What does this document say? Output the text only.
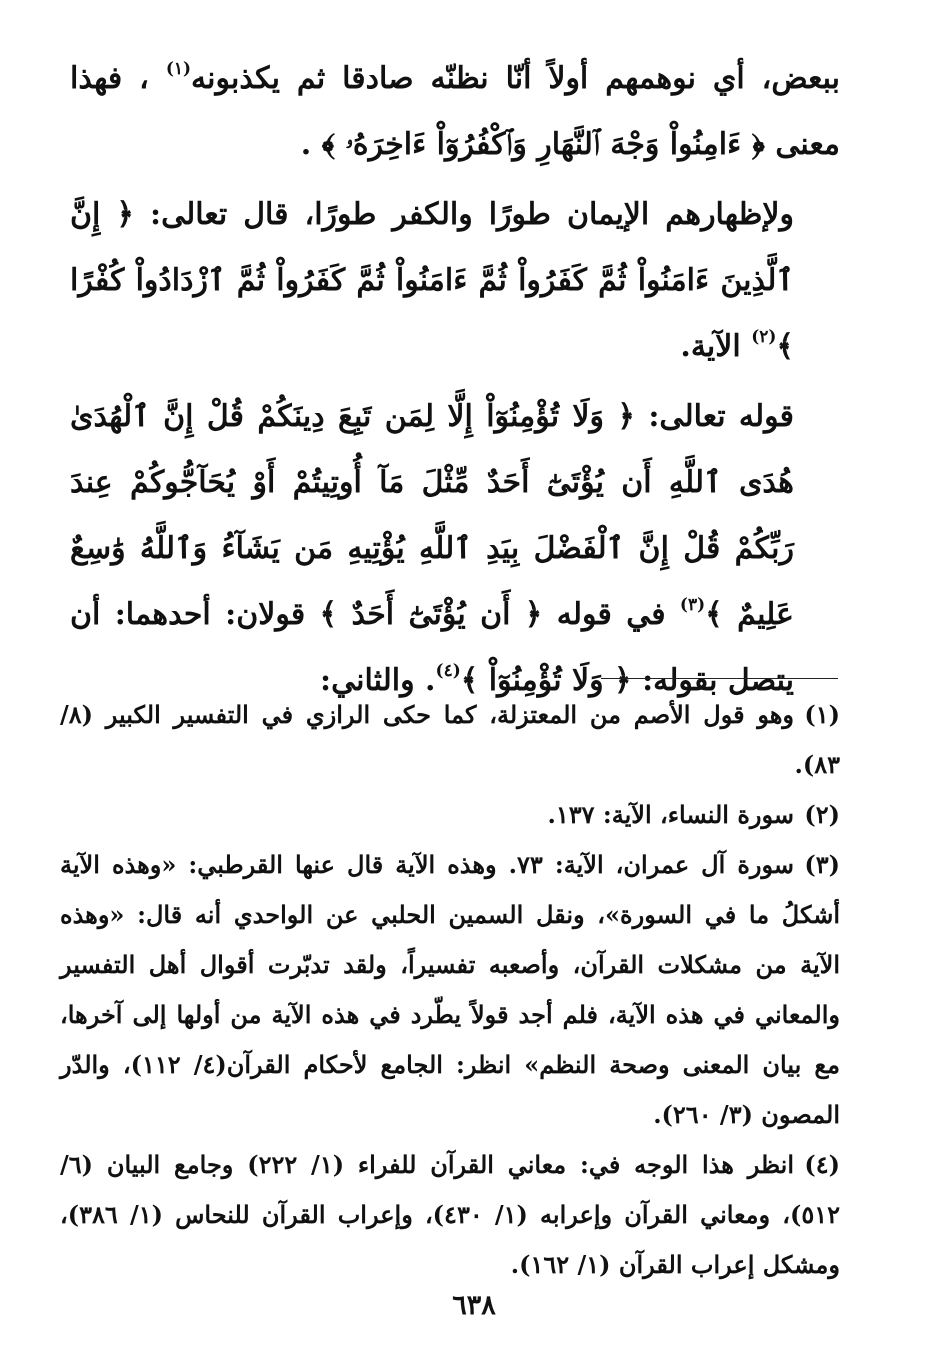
ببعض، أي نوهمهم أولاً أنّا نظنّه صادقا ثم يكذبونه$^{(١)}$ ، فهذا معنى ﴿ ءَامِنُواْ وَجْهَ ٱلنَّهَارِ وَٱكْفُرُوٓاْ ءَاخِرَهُۥ ﴾ .

ولإظهارهم الإيمان طورًا والكفر طورًا، قال تعالى: ﴿ إِنَّ ٱلَّذِينَ ءَامَنُواْ ثُمَّ كَفَرُواْ ثُمَّ ءَامَنُواْ ثُمَّ كَفَرُواْ ثُمَّ ٱزْدَادُواْ كُفْرًا ﴾$^{(٢)}$ الآية.

قوله تعالى: ﴿ وَلَا تُؤْمِنُوٓاْ إِلَّا لِمَن تَبِعَ دِينَكُمْ قُلْ إِنَّ ٱلْهُدَىٰ هُدَى ٱللَّهِ أَن يُؤْتَىٰٓ أَحَدٌ مِّثْلَ مَآ أُوتِيتُمْ أَوْ يُحَآجُّوكُمْ عِندَ رَبِّكُمْ قُلْ إِنَّ ٱلْفَضْلَ بِيَدِ ٱللَّهِ يُؤْتِيهِ مَن يَشَآءُ وَٱللَّهُ وَٰسِعٌ عَلِيمٌ ﴾$^{(٣)}$ في قوله ﴿ أَن يُؤْتَىٰٓ أَحَدٌ ﴾ قولان: أحدهما: أن يتصل بقوله: ﴿ وَلَا تُؤْمِنُوٓاْ ﴾$^{(٤)}$. والثاني:

(١)وهو قول الأصم من المعتزلة، كما حكى الرازي في التفسير الكبير (٨/ ٨٣).

(٢)سورة النساء، الآية: ١٣٧.

(٣)سورة آل عمران، الآية: ٧٣. وهذه الآية قال عنها القرطبي: «وهذه الآية أشكلُ ما في السورة»، ونقل السمين الحلبي عن الواحدي أنه قال: «وهذه الآية من مشكلات القرآن، وأصعبه تفسيراً، ولقد تدبّرت أقوال أهل التفسير والمعاني في هذه الآية، فلم أجد قولاً يطّرد في هذه الآية من أولها إلى آخرها، مع بيان المعنى وصحة النظم» انظر: الجامع لأحكام القرآن(٤/ ١١٢)، والدّر المصون (٣/ ٢٦٠).

(٤)انظر هذا الوجه في: معاني القرآن للفراء (١/ ٢٢٢) وجامع البيان (٦/ ٥١٢)، ومعاني القرآن وإعرابه (١/ ٤٣٠)، وإعراب القرآن للنحاس (١/ ٣٨٦)، ومشكل إعراب القرآن (١/ ١٦٢).

٦٣٨
